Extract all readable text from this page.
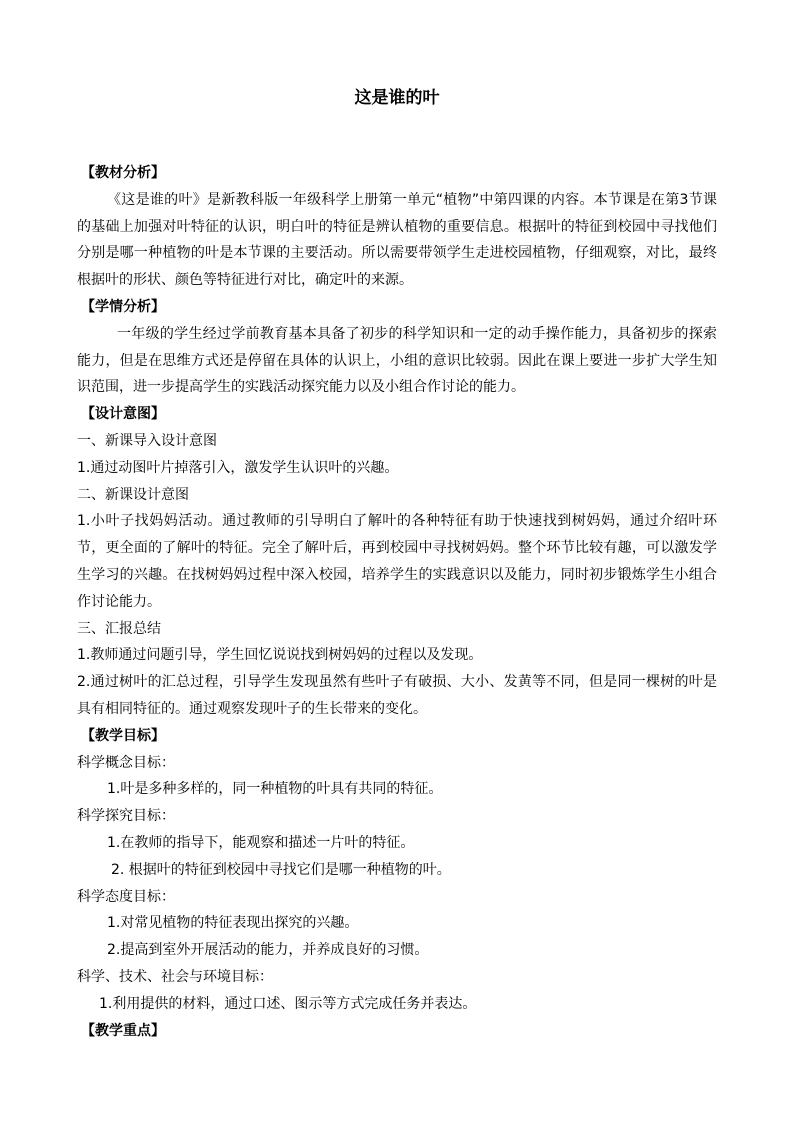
这是谁的叶

【教材分析】

《这是谁的叶》是新教科版一年级科学上册第一单元“植物”中第四课的内容。本节课是在第3节课的基础上加强对叶特征的认识，明白叶的特征是辨认植物的重要信息。根据叶的特征到校园中寻找他们分别是哪一种植物的叶是本节课的主要活动。所以需要带领学生走进校园植物，仔细观察，对比，最终根据叶的形状、颜色等特征进行对比，确定叶的来源。

【学情分析】

一年级的学生经过学前教育基本具备了初步的科学知识和一定的动手操作能力，具备初步的探索能力，但是在思维方式还是停留在具体的认识上，小组的意识比较弱。因此在课上要进一步扩大学生知识范围，进一步提高学生的实践活动探究能力以及小组合作讨论的能力。

【设计意图】

一、新课导入设计意图

1.通过动图叶片掉落引入，激发学生认识叶的兴趣。

二、新课设计意图

1.小叶子找妈妈活动。通过教师的引导明白了解叶的各种特征有助于快速找到树妈妈，通过介绍叶环节，更全面的了解叶的特征。完全了解叶后，再到校园中寻找树妈妈。整个环节比较有趣，可以激发学生学习的兴趣。在找树妈妈过程中深入校园，培养学生的实践意识以及能力，同时初步锻炼学生小组合作讨论能力。

三、汇报总结

1.教师通过问题引导，学生回忆说说找到树妈妈的过程以及发现。

2.通过树叶的汇总过程，引导学生发现虽然有些叶子有破损、大小、发黄等不同，但是同一棵树的叶是具有相同特征的。通过观察发现叶子的生长带来的变化。

【教学目标】

科学概念目标：

1.叶是多种多样的，同一种植物的叶具有共同的特征。

科学探究目标：

1.在教师的指导下，能观察和描述一片叶的特征。

2. 根据叶的特征到校园中寻找它们是哪一种植物的叶。

科学态度目标：

1.对常见植物的特征表现出探究的兴趣。

2.提高到室外开展活动的能力，并养成良好的习惯。

科学、技术、社会与环境目标：

1.利用提供的材料，通过口述、图示等方式完成任务并表达。

【教学重点】
